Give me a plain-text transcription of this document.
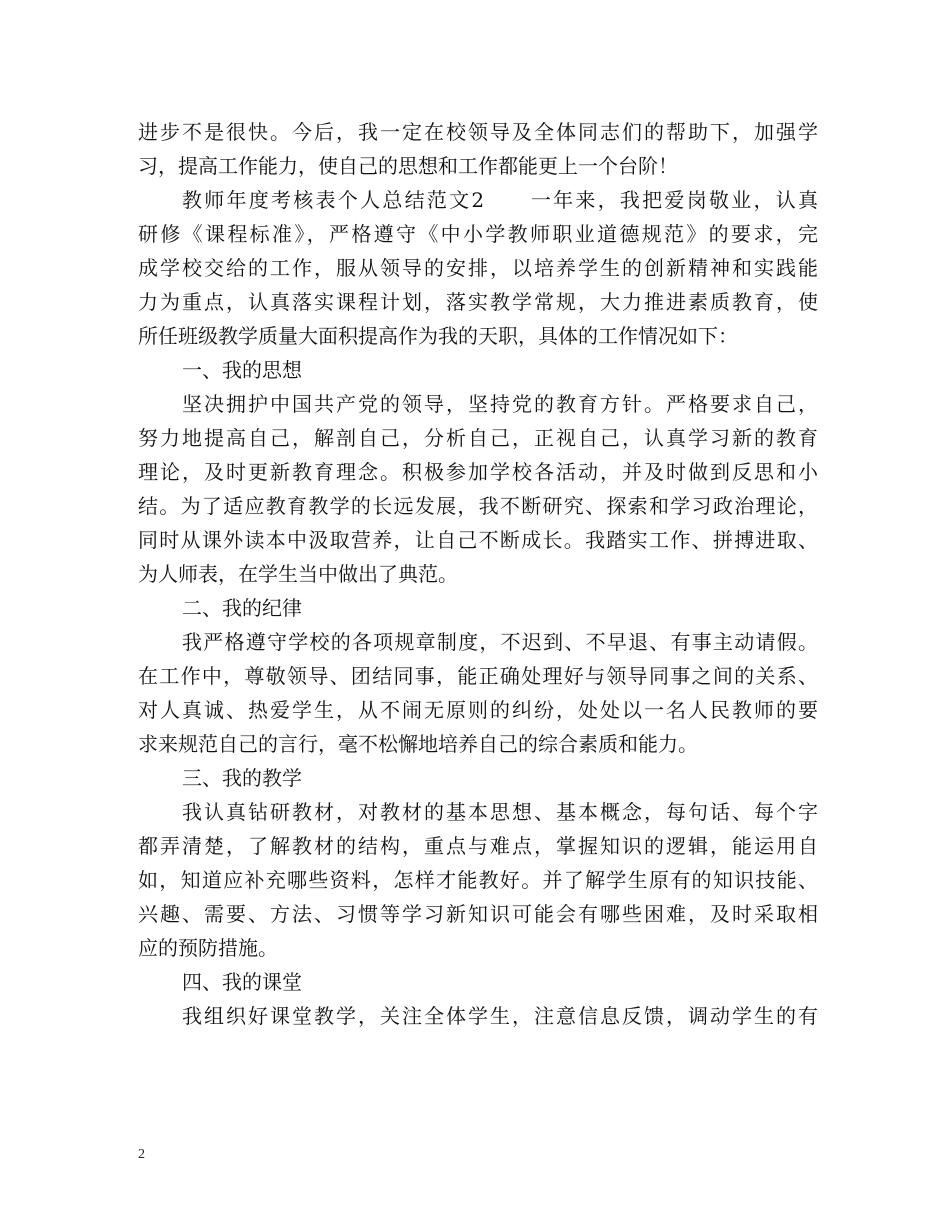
进步不是很快。今后，我一定在校领导及全体同志们的帮助下，加强学
习，提高工作能力，使自己的思想和工作都能更上一个台阶！
教师年度考核表个人总结范文2　　一年来，我把爱岗敬业，认真
研修《课程标准》，严格遵守《中小学教师职业道德规范》的要求，完
成学校交给的工作，服从领导的安排，以培养学生的创新精神和实践能
力为重点，认真落实课程计划，落实教学常规，大力推进素质教育，使
所任班级教学质量大面积提高作为我的天职，具体的工作情况如下：
一、我的思想
坚决拥护中国共产党的领导，坚持党的教育方针。严格要求自己，
努力地提高自己，解剖自己，分析自己，正视自己，认真学习新的教育
理论，及时更新教育理念。积极参加学校各活动，并及时做到反思和小
结。为了适应教育教学的长远发展，我不断研究、探索和学习政治理论，
同时从课外读本中汲取营养，让自己不断成长。我踏实工作、拼搏进取、
为人师表，在学生当中做出了典范。
二、我的纪律
我严格遵守学校的各项规章制度，不迟到、不早退、有事主动请假。
在工作中，尊敬领导、团结同事，能正确处理好与领导同事之间的关系、
对人真诚、热爱学生，从不闹无原则的纠纷，处处以一名人民教师的要
求来规范自己的言行，毫不松懈地培养自己的综合素质和能力。
三、我的教学
我认真钻研教材，对教材的基本思想、基本概念，每句话、每个字
都弄清楚，了解教材的结构，重点与难点，掌握知识的逻辑，能运用自
如，知道应补充哪些资料，怎样才能教好。并了解学生原有的知识技能、
兴趣、需要、方法、习惯等学习新知识可能会有哪些困难，及时采取相
应的预防措施。
四、我的课堂
我组织好课堂教学，关注全体学生，注意信息反馈，调动学生的有
2
